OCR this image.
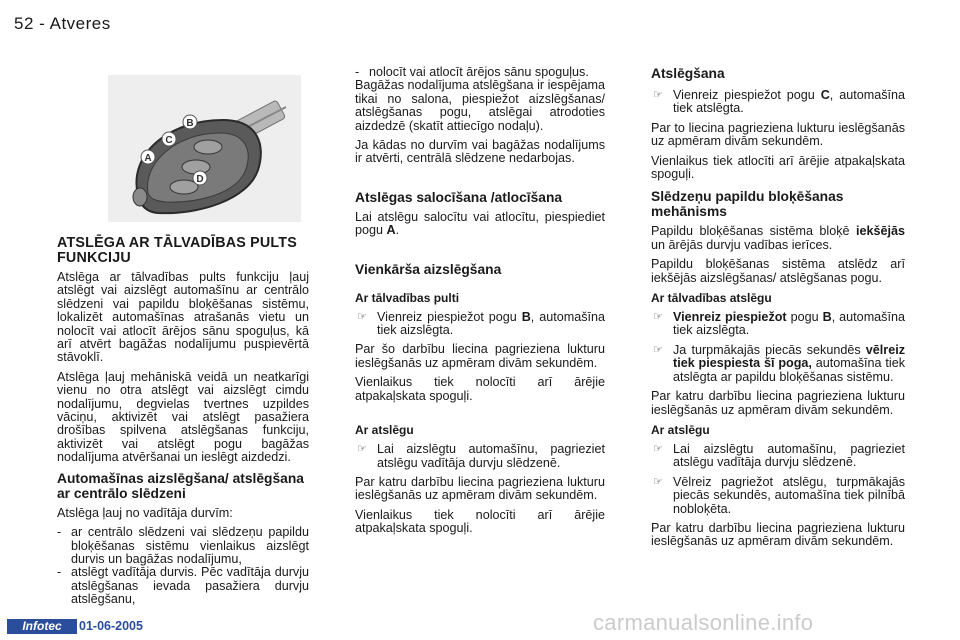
52 - Atveres
A
B
C
D
ATSLĒGA AR TĀLVADĪBAS PULTS FUNKCIJU
Atslēga ar tālvadības pults funkciju ļauj atslēgt vai aizslēgt automašīnu ar centrālo slēdzeni vai papildu bloķēšanas sistēmu, lokalizēt automašīnas atrašanās vietu un nolocīt vai atlocīt ārējos sānu spoguļus, kā arī atvērt bagāžas nodalījumu puspievērtā stāvoklī.
Atslēga ļauj mehāniskā veidā un neatkarīgi vienu no otra atslēgt vai aizslēgt cimdu nodalījumu, degvielas tvertnes uzpildes vāciņu, aktivizēt vai atslēgt pasažiera drošības spilvena atslēgšanas funkciju, aktivizēt vai atslēgt pogu bagāžas nodalījuma atvēršanai un ieslēgt aizdedzi.
Automašīnas aizslēgšana/ atslēgšana ar centrālo slēdzeni
Atslēga ļauj no vadītāja durvīm:
- ar centrālo slēdzeni vai slēdzeņu papildu bloķēšanas sistēmu vienlaikus aizslēgt durvis un bagāžas nodalījumu,
- atslēgt vadītāja durvis. Pēc vadītāja durvju atslēgšanas ievada pasažiera durvju atslēgšanu,
- nolocīt vai atlocīt ārējos sānu spoguļus.
Bagāžas nodalījuma atslēgšana ir iespējama tikai no salona, piespiežot aizslēgšanas/ atslēgšanas pogu, atslēgai atrodoties aizdedzē (skatīt attiecīgo nodaļu).
Ja kādas no durvīm vai bagāžas nodalījums ir atvērti, centrālā slēdzene nedarbojas.
Atslēgas salocīšana /atlocīšana
Lai atslēgu salocītu vai atlocītu, piespiediet pogu A.
Vienkārša aizslēgšana
Ar tālvadības pulti
☞ Vienreiz piespiežot pogu B, automašīna tiek aizslēgta.
Par šo darbību liecina pagrieziena lukturu ieslēgšanās uz apmēram divām sekundēm.
Vienlaikus tiek nolocīti arī ārējie atpakaļskata spoguļi.
Ar atslēgu
☞ Lai aizslēgtu automašīnu, pagrieziet atslēgu vadītāja durvju slēdzenē.
Par katru darbību liecina pagrieziena lukturu ieslēgšanās uz apmēram divām sekundēm.
Vienlaikus tiek nolocīti arī ārējie atpakaļskata spoguļi.
Atslēgšana
☞ Vienreiz piespiežot pogu C, automašīna tiek atslēgta.
Par to liecina pagrieziena lukturu ieslēgšanās uz apmēram divām sekundēm.
Vienlaikus tiek atlocīti arī ārējie atpakaļskata spoguļi.
Slēdzeņu papildu bloķēšanas mehānisms
Papildu bloķēšanas sistēma bloķē iekšējās un ārējās durvju vadības ierīces.
Papildu bloķēšanas sistēma atslēdz arī iekšējās aizslēgšanas/ atslēgšanas pogu.
Ar tālvadības atslēgu
☞ Vienreiz piespiežot pogu B, automašīna tiek aizslēgta.
☞ Ja turpmākajās piecās sekundēs vēlreiz tiek piespiesta šī poga, automašīna tiek atslēgta ar papildu bloķēšanas sistēmu.
Par katru darbību liecina pagrieziena lukturu ieslēgšanās uz apmēram divām sekundēm.
Ar atslēgu
☞ Lai aizslēgtu automašīnu, pagrieziet atslēgu vadītāja durvju slēdzenē.
☞ Vēlreiz pagriežot atslēgu, turpmākajās piecās sekundēs, automašīna tiek pilnībā nobloķēta.
Par katru darbību liecina pagrieziena lukturu ieslēgšanās uz apmēram divām sekundēm.
Infotec	01-06-2005	carmanualsonline.info
